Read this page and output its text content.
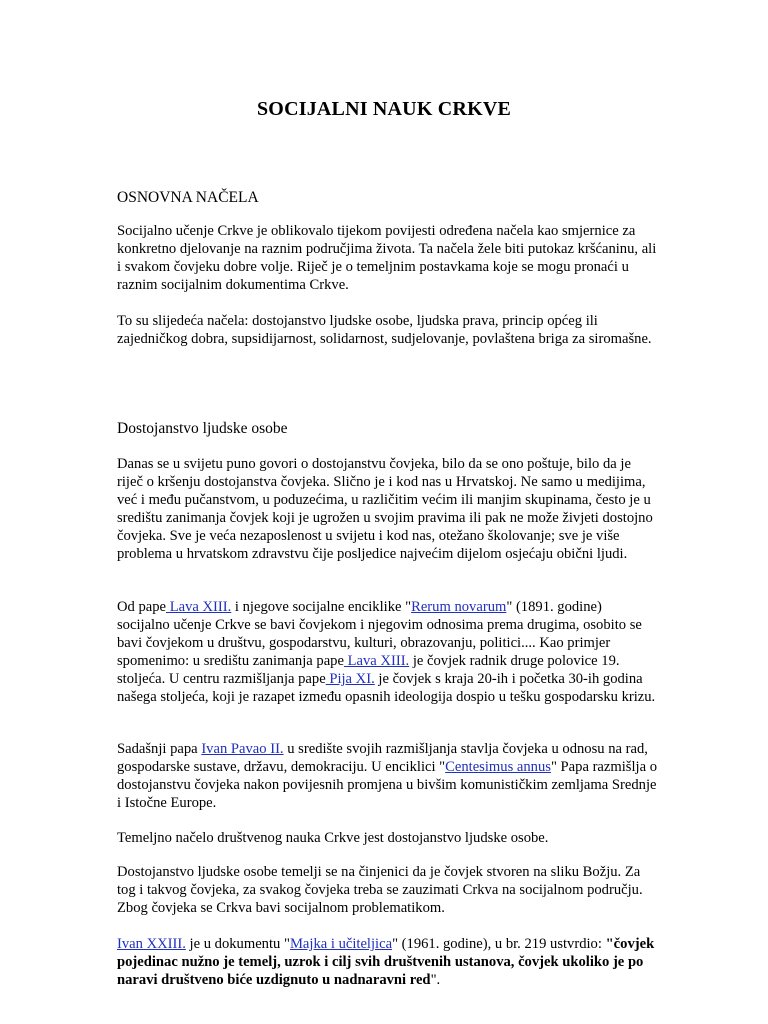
SOCIJALNI NAUK CRKVE
OSNOVNA NAČELA
Socijalno učenje Crkve je oblikovalo tijekom povijesti određena načela kao smjernice za konkretno djelovanje na raznim područjima života. Ta načela žele biti putokaz kršćaninu, ali i svakom čovjeku dobre volje. Riječ je o temeljnim postavkama koje se mogu pronaći u raznim socijalnim dokumentima Crkve.
To su slijedeća načela: dostojanstvo ljudske osobe, ljudska prava, princip općeg ili zajedničkog dobra, supsidijarnost, solidarnost, sudjelovanje, povlaštena briga za siromašne.
Dostojanstvo ljudske osobe
Danas se u svijetu puno govori o dostojanstvu čovjeka, bilo da se ono poštuje, bilo da je riječ o kršenju dostojanstva čovjeka. Slično je i kod nas u Hrvatskoj. Ne samo u medijima, već i među pučanstvom, u poduzećima, u različitim većim ili manjim skupinama, često je u središtu zanimanja čovjek koji je ugrožen u svojim pravima ili pak ne može živjeti dostojno čovjeka. Sve je veća nezaposlenost u svijetu i kod nas, otežano školovanje; sve je više problema u hrvatskom zdravstvu čije posljedice najvećim dijelom osjećaju obični ljudi.
Od pape Lava XIII. i njegove socijalne enciklike "Rerum novarum" (1891. godine) socijalno učenje Crkve se bavi čovjekom i njegovim odnosima prema drugima, osobito se bavi čovjekom u društvu, gospodarstvu, kulturi, obrazovanju, politici.... Kao primjer spomenimo: u središtu zanimanja pape Lava XIII. je čovjek radnik druge polovice 19. stoljeća. U centru razmišljanja pape Pija XI. je čovjek s kraja 20-ih i početka 30-ih godina našega stoljeća, koji je razapet između opasnih ideologija dospio u tešku gospodarsku krizu.
Sadašnji papa Ivan Pavao II. u središte svojih razmišljanja stavlja čovjeka u odnosu na rad, gospodarske sustave, državu, demokraciju. U enciklici "Centesimus annus" Papa razmišlja o dostojanstvu čovjeka nakon povijesnih promjena u bivšim komunističkim zemljama Srednje i Istočne Europe.
Temeljno načelo društvenog nauka Crkve jest dostojanstvo ljudske osobe.
Dostojanstvo ljudske osobe temelji se na činjenici da je čovjek stvoren na sliku Božju. Za tog i takvog čovjeka, za svakog čovjeka treba se zauzimati Crkva na socijalnom području. Zbog čovjeka se Crkva bavi socijalnom problematikom.
Ivan XXIII. je u dokumentu "Majka i učiteljica" (1961. godine), u br. 219 ustvrdio: "čovjek pojedinac nužno je temelj, uzrok i cilj svih društvenih ustanova, čovjek ukoliko je po naravi društveno biće uzdignuto u nadnaravni red".
